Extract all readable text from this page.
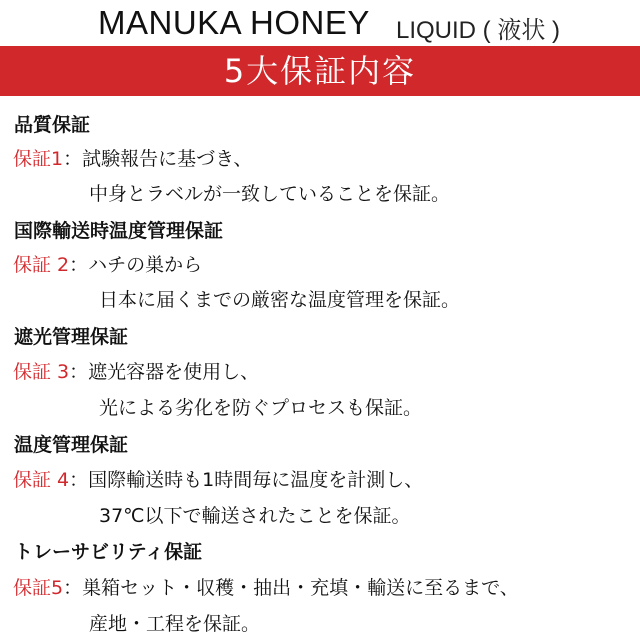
MANUKA HONEY LIQUID ( 液状 )
5大保証内容
品質保証
保証1：試験報告に基づき、
中身とラベルが一致していることを保証。
国際輸送時温度管理保証
保証 2：ハチの巣から
日本に届くまでの厳密な温度管理を保証。
遮光管理保証
保証 3：遮光容器を使用し、
光による劣化を防ぐプロセスも保証。
温度管理保証
保証 4：国際輸送時も1時間毎に温度を計測し、
37℃以下で輸送されたことを保証。
トレーサビリティ保証
保証5：巣箱セット・収穫・抽出・充填・輸送に至るまで、
産地・工程を保証。
